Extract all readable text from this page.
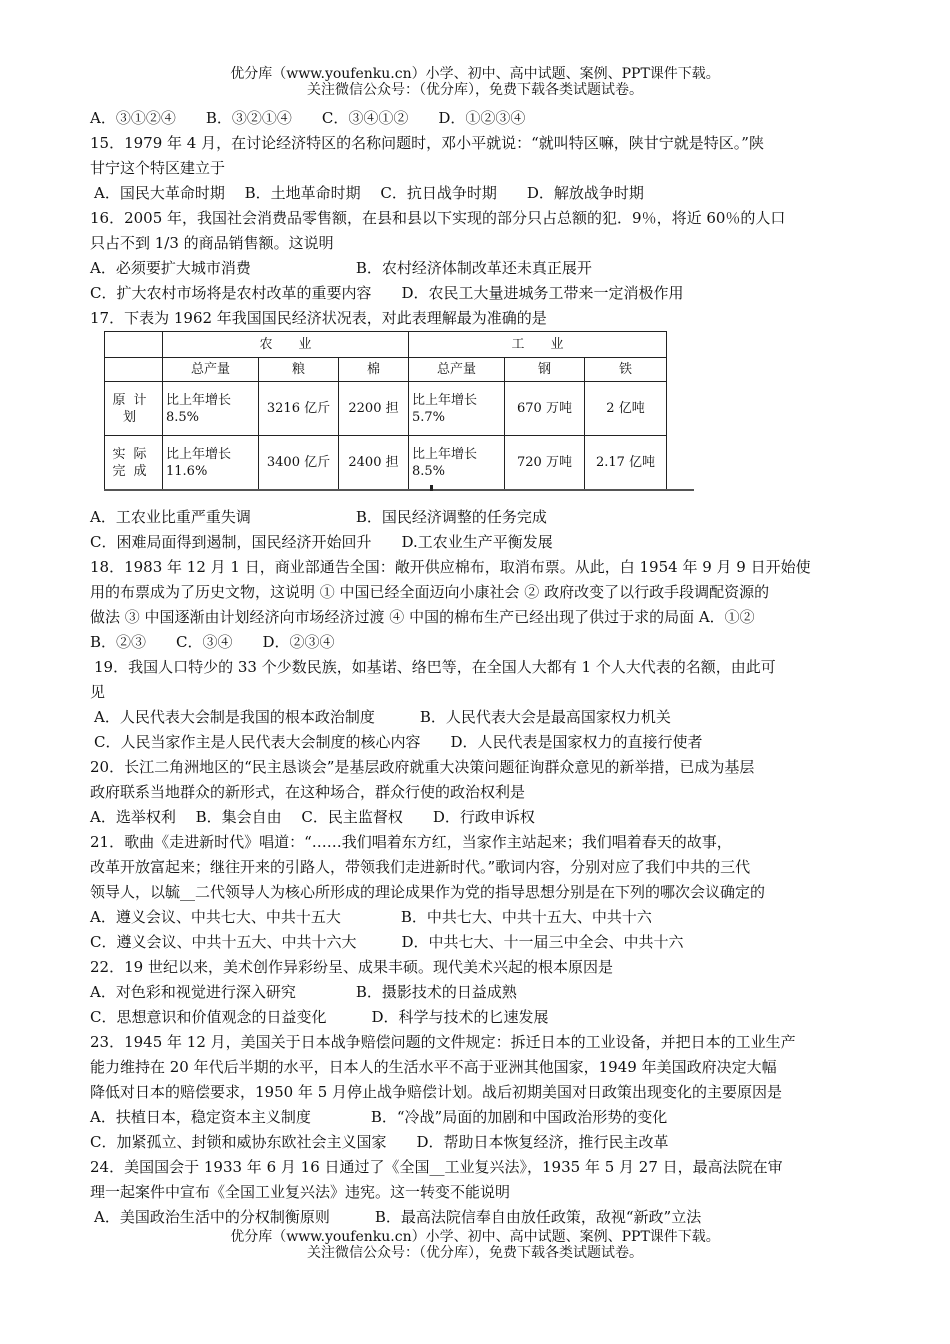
优分库（www.youfenku.cn）小学、初中、高中试题、案例、PPT课件下载。
关注微信公众号：（优分库），免费下载各类试题试卷。
A．③①②④　　B．③②①④　　C．③④①②　　D．①②③④
15．1979 年 4 月，在讨论经济特区的名称问题时，邓小平就说：“就叫特区嘛，陕甘宁就是特区。”陕
甘宁这个特区建立于
A．国民大革命时期　 B．土地革命时期　 C．抗日战争时期　　D．解放战争时期
16．2005 年，我国社会消费品零售额，在县和县以下实现的部分只占总额的犯．9％，将近 60％的人口
只占不到 1/3 的商品销售额。这说明
A．必须要扩大城市消费　　　　　　　B．农村经济体制改革还未真正展开
C．扩大农村市场将是农村改革的重要内容　　D．农民工大量进城务工带来一定消极作用
17．下表为 1962 年我国国民经济状况表，对此表理解最为准确的是
	农　　业			工　　业		
	总产量	粮	棉	总产量	钢	铁
原计划	比上年增长 8.5%	3216 亿斤	2200 担	比上年增长 5.7%	670 万吨	2 亿吨
实际完成	比上年增长 11.6%	3400 亿斤	2400 担	比上年增长 8.5%	720 万吨	2.17 亿吨
A．工农业比重严重失调　　　　　　　B．国民经济调整的任务完成
C．困难局面得到遏制，国民经济开始回升　　D.工农业生产平衡发展
18．1983 年 12 月 1 日，商业部通告全国：敞开供应棉布，取消布票。从此，白 1954 年 9 月 9 日开始使
用的布票成为了历史文物，这说明 ① 中国已经全面迈向小康社会 ② 政府改变了以行政手段调配资源的
做法 ③ 中国逐渐由计划经济向市场经济过渡 ④ 中国的棉布生产已经出现了供过于求的局面 A．①②
B．②③　　C．③④　　D．②③④
19．我国人口特少的 33 个少数民族，如基诺、络巴等，在全国人大都有 1 个人大代表的名额，由此可
见
A．人民代表大会制是我国的根本政治制度　　　B．人民代表大会是最高国家权力机关
C．人民当家作主是人民代表大会制度的核心内容　　D．人民代表是国家权力的直接行使者
20．长江二角洲地区的“民主恳谈会”是基层政府就重大决策问题征询群众意见的新举措，已成为基层
政府联系当地群众的新形式，在这种场合，群众行使的政治权利是
A．选举权利　 B．集会自由　 C．民主监督权　　D．行政申诉权
21．歌曲《走进新时代》唱道：“……我们唱着东方红，当家作主站起来；我们唱着春天的故事，
改革开放富起来；继往开来的引路人，带领我们走进新时代。”歌词内容，分别对应了我们中共的三代
领导人，以毓__二代领导人为核心所形成的理论成果作为党的指导思想分别是在下列的哪次会议确定的
A．遵义会议、中共七大、中共十五大　　　　B．中共七大、中共十五大、中共十六
C．遵义会议、中共十五大、中共十六大　　　D．中共七大、十一届三中全会、中共十六
22．19 世纪以来，美术创作异彩纷呈、成果丰硕。现代美术兴起的根本原因是
A．对色彩和视觉进行深入研究　　　　B．摄影技术的日益成熟
C．思想意识和价值观念的日益变化　　　D．科学与技术的匕速发展
23．1945 年 12 月，美国关于日本战争赔偿问题的文件规定：拆迁日本的工业设备，并把日本的工业生产
能力维持在 20 年代后半期的水平，日本人的生活水平不高于亚洲其他国家，1949 年美国政府决定大幅
降低对日本的赔偿要求，1950 年 5 月停止战争赔偿计划。战后初期美国对日政策出现变化的主要原因是
A．扶植日本，稳定资本主义制度　　　　B．“冷战”局面的加剧和中国政治形势的变化
C．加紧孤立、封锁和威协东欧社会主义国家　　D．帮助日本恢复经济，推行民主改革
24．美国国会于 1933 年 6 月 16 日通过了《全国__工业复兴法》，1935 年 5 月 27 日，最高法院在审
理一起案件中宣布《全国工业复兴法》违宪。这一转变不能说明
A．美国政治生活中的分权制衡原则　　　B．最高法院信奉自由放任政策，敌视“新政”立法
优分库（www.youfenku.cn）小学、初中、高中试题、案例、PPT课件下载。
关注微信公众号：（优分库），免费下载各类试题试卷。
